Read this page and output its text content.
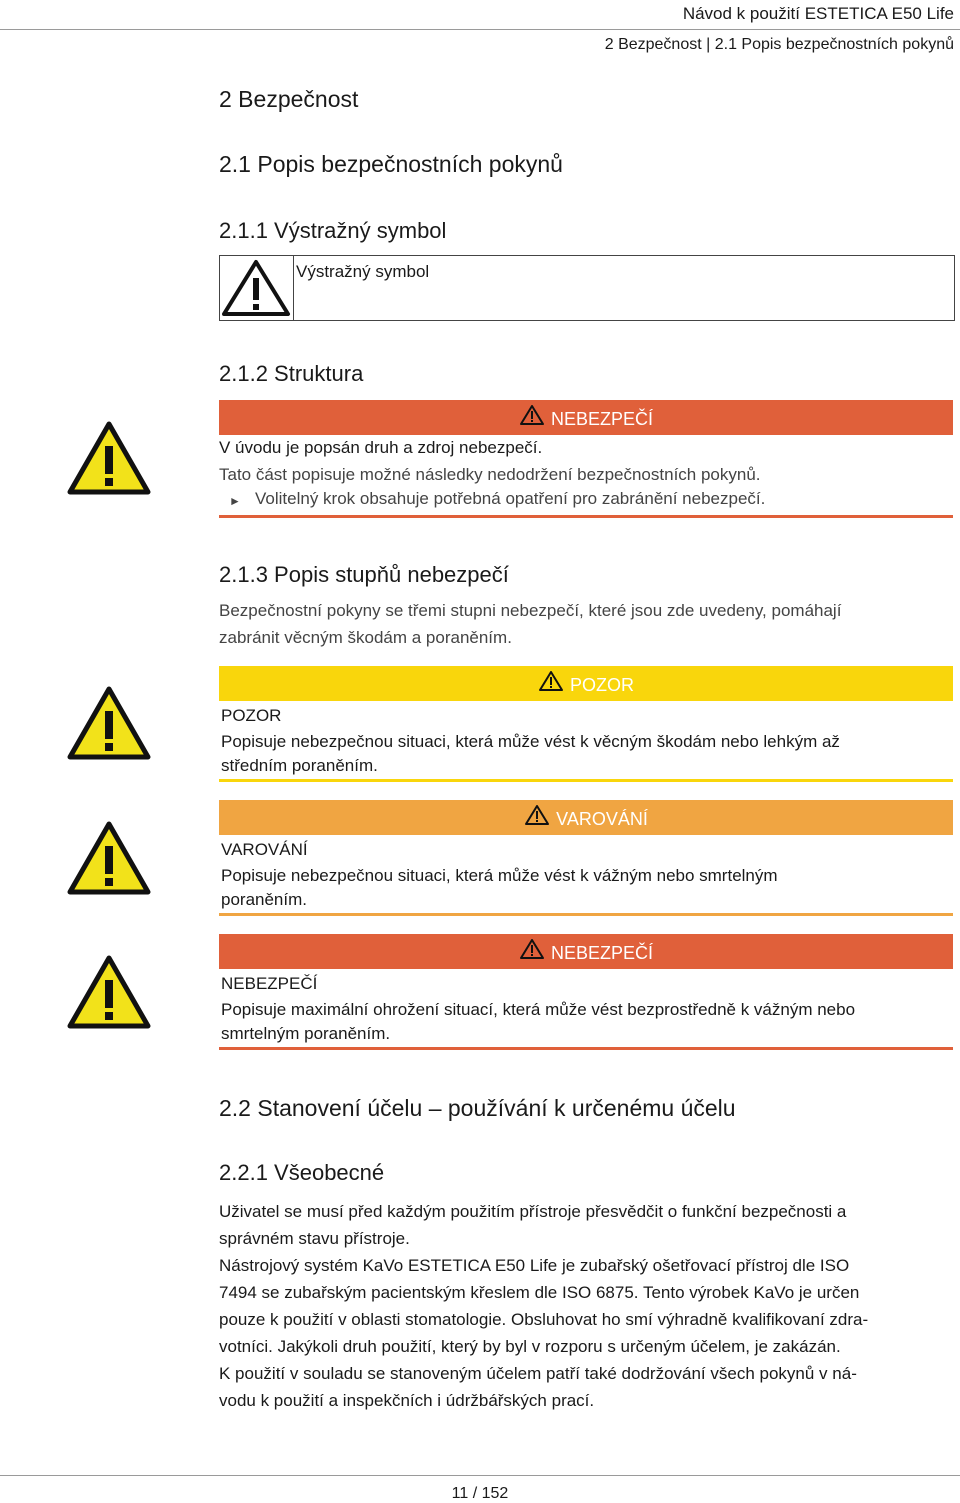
Návod k použití ESTETICA E50 Life
2 Bezpečnost | 2.1 Popis bezpečnostních pokynů
2 Bezpečnost
2.1 Popis bezpečnostních pokynů
2.1.1 Výstražný symbol
Výstražný symbol
2.1.2 Struktura
NEBEZPEČÍ
V úvodu je popsán druh a zdroj nebezpečí.
Tato část popisuje možné následky nedodržení bezpečnostních pokynů.
► Volitelný krok obsahuje potřebná opatření pro zabránění nebezpečí.
2.1.3 Popis stupňů nebezpečí
Bezpečnostní pokyny se třemi stupni nebezpečí, které jsou zde uvedeny, pomáhají
zabránit věcným škodám a poraněním.
POZOR
POZOR
Popisuje nebezpečnou situaci, která může vést k věcným škodám nebo lehkým až
středním poraněním.
VAROVÁNÍ
VAROVÁNÍ
Popisuje nebezpečnou situaci, která může vést k vážným nebo smrtelným
poraněním.
NEBEZPEČÍ
NEBEZPEČÍ
Popisuje maximální ohrožení situací, která může vést bezprostředně k vážným nebo
smrtelným poraněním.
2.2 Stanovení účelu – používání k určenému účelu
2.2.1 Všeobecné
Uživatel se musí před každým použitím přístroje přesvědčit o funkční bezpečnosti a
správném stavu přístroje.
Nástrojový systém KaVo ESTETICA E50 Life je zubařský ošetřovací přístroj dle ISO
7494 se zubařským pacientským křeslem dle ISO 6875. Tento výrobek KaVo je určen
pouze k použití v oblasti stomatologie. Obsluhovat ho smí výhradně kvalifikovaní zdra-
votníci. Jakýkoli druh použití, který by byl v rozporu s určeným účelem, je zakázán.
K použití v souladu se stanoveným účelem patří také dodržování všech pokynů v ná-
vodu k použití a inspekčních i údržbářských prací.
11 / 152
